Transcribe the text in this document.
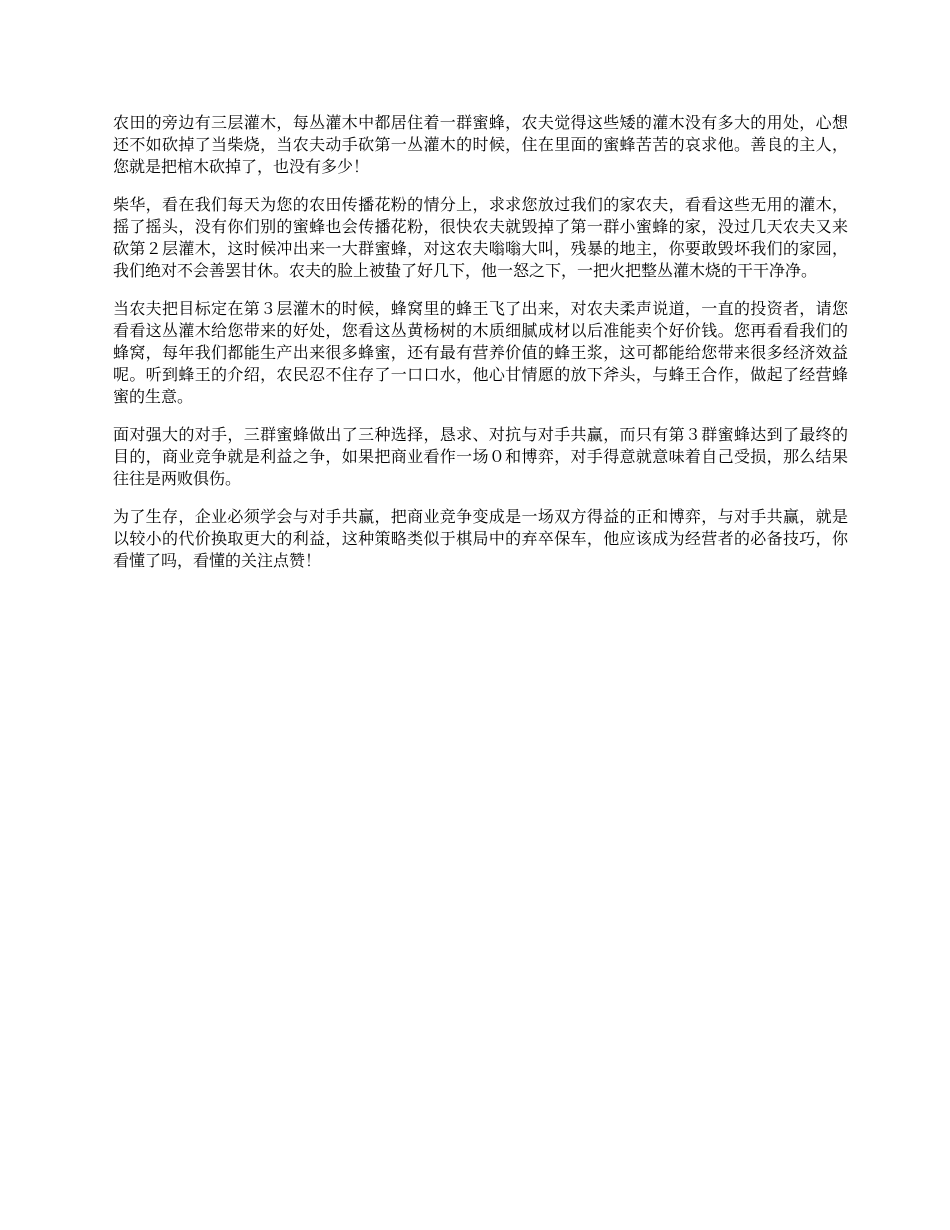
农田的旁边有三层灌木，每丛灌木中都居住着一群蜜蜂，农夫觉得这些矮的灌木没有多大的用处，心想还不如砍掉了当柴烧，当农夫动手砍第一丛灌木的时候，住在里面的蜜蜂苦苦的哀求他。善良的主人，您就是把棺木砍掉了，也没有多少！

柴华，看在我们每天为您的农田传播花粉的情分上，求求您放过我们的家农夫，看看这些无用的灌木，摇了摇头，没有你们别的蜜蜂也会传播花粉，很快农夫就毁掉了第一群小蜜蜂的家，没过几天农夫又来砍第２层灌木，这时候冲出来一大群蜜蜂，对这农夫嗡嗡大叫，残暴的地主，你要敢毁坏我们的家园，我们绝对不会善罢甘休。农夫的脸上被蛰了好几下，他一怒之下，一把火把整丛灌木烧的干干净净。

当农夫把目标定在第３层灌木的时候，蜂窝里的蜂王飞了出来，对农夫柔声说道，一直的投资者，请您看看这丛灌木给您带来的好处，您看这丛黄杨树的木质细腻成材以后准能卖个好价钱。您再看看我们的蜂窝，每年我们都能生产出来很多蜂蜜，还有最有营养价值的蜂王浆，这可都能给您带来很多经济效益呢。听到蜂王的介绍，农民忍不住存了一口口水，他心甘情愿的放下斧头，与蜂王合作，做起了经营蜂蜜的生意。

面对强大的对手，三群蜜蜂做出了三种选择，恳求、对抗与对手共赢，而只有第３群蜜蜂达到了最终的目的，商业竞争就是利益之争，如果把商业看作一场０和博弈，对手得意就意味着自己受损，那么结果往往是两败俱伤。

为了生存，企业必须学会与对手共赢，把商业竞争变成是一场双方得益的正和博弈，与对手共赢，就是以较小的代价换取更大的利益，这种策略类似于棋局中的弃卒保车，他应该成为经营者的必备技巧，你看懂了吗，看懂的关注点赞！
